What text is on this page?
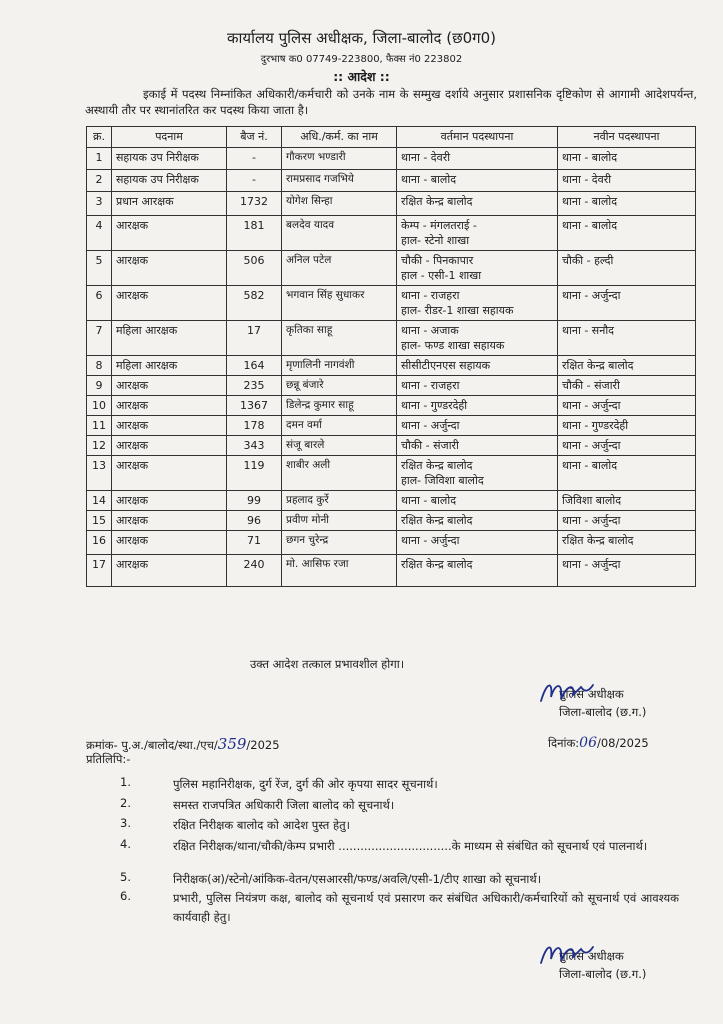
कार्यालय पुलिस अधीक्षक, जिला-बालोद (छ0ग0)
दुरभाष क0 07749-223800, फैक्स नं0 223802
:: आदेश ::
इकाई में पदस्थ निम्नांकित अधिकारी/कर्मचारी को उनके नाम के सम्मुख दर्शाये अनुसार प्रशासनिक दृष्टिकोण से आगामी आदेशपर्यन्त, अस्थायी तौर पर स्थानांतरित कर पदस्थ किया जाता है।
क्र.	पदनाम	बैज नं.	अधि./कर्म. का नाम	वर्तमान पदस्थापना	नवीन पदस्थापना
1	सहायक उप निरीक्षक	-	गौकरण भण्डारी	थाना - देवरी	थाना - बालोद
2	सहायक उप निरीक्षक	-	रामप्रसाद गजभिये	थाना - बालोद	थाना - देवरी
3	प्रधान आरक्षक	1732	योगेश सिन्हा	रक्षित केन्द्र बालोद	थाना - बालोद
4	आरक्षक	181	बलदेव यादव	केम्प - मंगलतराई -
हाल- स्टेनो शाखा	थाना - बालोद
5	आरक्षक	506	अनिल पटेल	चौकी - पिनकापार
हाल - एसी-1 शाखा	चौकी - हल्दी
6	आरक्षक	582	भगवान सिंह सुधाकर	थाना - राजहरा
हाल- रीडर-1 शाखा सहायक	थाना - अर्जुन्दा
7	महिला आरक्षक	17	कृतिका साहू	थाना - अजाक
हाल- फण्ड शाखा सहायक	थाना - सनौद
8	महिला आरक्षक	164	मृणालिनी नागवंशी	सीसीटीएनएस सहायक	रक्षित केन्द्र बालोद
9	आरक्षक	235	छन्नू बंजारे	थाना - राजहरा	चौकी - संजारी
10	आरक्षक	1367	डिलेन्द्र कुमार साहू	थाना - गुण्डरदेही	थाना - अर्जुन्दा
11	आरक्षक	178	दमन वर्मा	थाना - अर्जुन्दा	थाना - गुण्डरदेही
12	आरक्षक	343	संजू बारले	चौकी - संजारी	थाना - अर्जुन्दा
13	आरक्षक	119	शाबीर अली	रक्षित केन्द्र बालोद
हाल- जिविशा बालोद	थाना - बालोद
14	आरक्षक	99	प्रहलाद कुर्रे	थाना - बालोद	जिविशा बालोद
15	आरक्षक	96	प्रवीण मोनी	रक्षित केन्द्र बालोद	थाना - अर्जुन्दा
16	आरक्षक	71	छगन चुरेन्द्र	थाना - अर्जुन्दा	रक्षित केन्द्र बालोद
17	आरक्षक	240	मो. आसिफ रजा	रक्षित केन्द्र बालोद	थाना - अर्जुन्दा
उक्त आदेश तत्काल प्रभावशील होगा।
पुलिस अधीक्षक
जिला-बालोद (छ.ग.)
क्रमांक- पु.अ./बालोद/स्था./एच/359/2025	दिनांक:06/08/2025
प्रतिलिपि:-
1.	पुलिस महानिरीक्षक, दुर्ग रेंज, दुर्ग की ओर कृपया सादर सूचनार्थ।
2.	समस्त राजपत्रित अधिकारी जिला बालोद को सूचनार्थ।
3.	रक्षित निरीक्षक बालोद को आदेश पुस्त हेतु।
4.	रक्षित निरीक्षक/थाना/चौकी/केम्प प्रभारी ...............................के माध्यम से संबंधित को सूचनार्थ एवं पालनार्थ।
5.	निरीक्षक(अ)/स्टेनो/आंकिक-वेतन/एसआरसी/फण्ड/अवलि/एसी-1/टीए शाखा को सूचनार्थ।
6.	प्रभारी, पुलिस नियंत्रण कक्ष, बालोद को सूचनार्थ एवं प्रसारण कर संबंधित अधिकारी/कर्मचारियों को सूचनार्थ एवं आवश्यक कार्यवाही हेतु।
पुलिस अधीक्षक
जिला-बालोद (छ.ग.)
